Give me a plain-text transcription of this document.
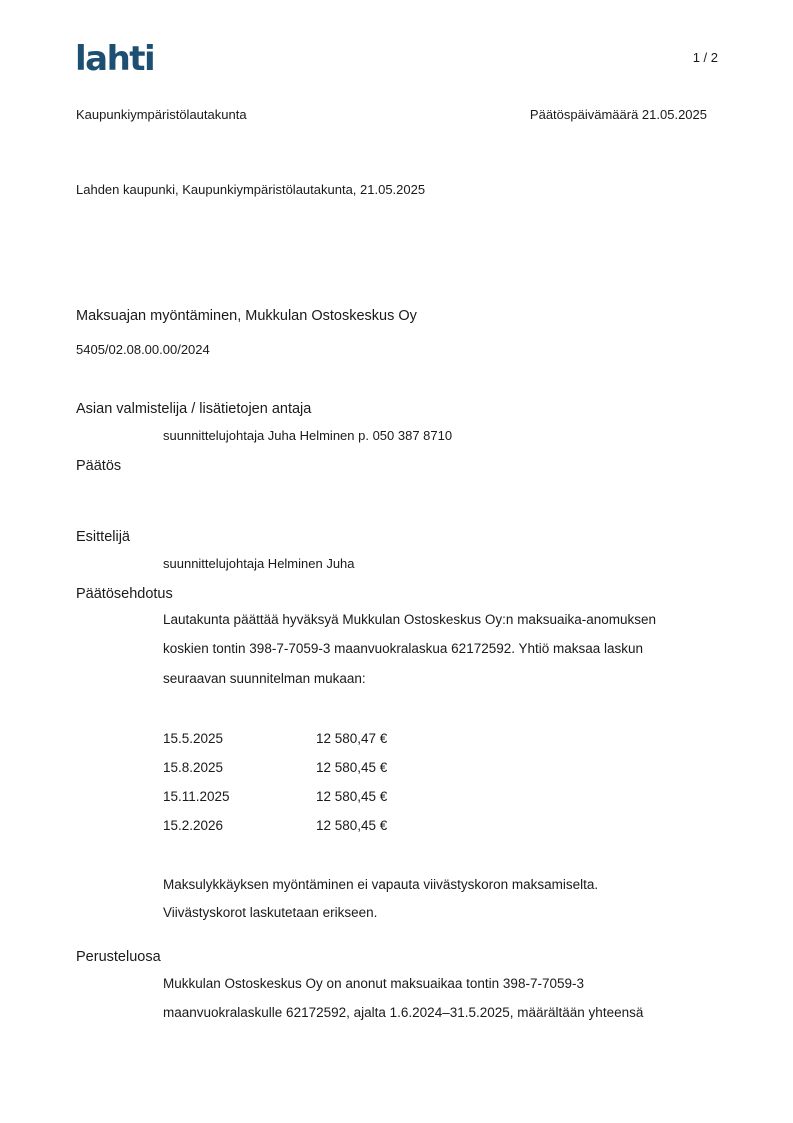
lahti	1 / 2
Kaupunkiympäristölautakunta	Päätöspäivämäärä 21.05.2025
Lahden kaupunki, Kaupunkiympäristölautakunta, 21.05.2025
Maksuajan myöntäminen, Mukkulan Ostoskeskus Oy
5405/02.08.00.00/2024
Asian valmistelija / lisätietojen antaja
suunnittelujohtaja Juha Helminen p. 050 387 8710
Päätös
Esittelijä
suunnittelujohtaja Helminen Juha
Päätösehdotus
Lautakunta päättää hyväksyä Mukkulan Ostoskeskus Oy:n maksuaika-anomuksen
koskien tontin 398-7-7059-3 maanvuokralaskua 62172592. Yhtiö maksaa laskun
seuraavan suunnitelman mukaan:
15.5.2025	12 580,47 €
15.8.2025	12 580,45 €
15.11.2025	12 580,45 €
15.2.2026	12 580,45 €
Maksulykkäyksen myöntäminen ei vapauta viivästyskoron maksamiselta.
Viivästyskorot laskutetaan erikseen.
Perusteluosa
Mukkulan Ostoskeskus Oy on anonut maksuaikaa tontin 398-7-7059-3
maanvuokralaskulle 62172592, ajalta 1.6.2024–31.5.2025, määrältään yhteensä
